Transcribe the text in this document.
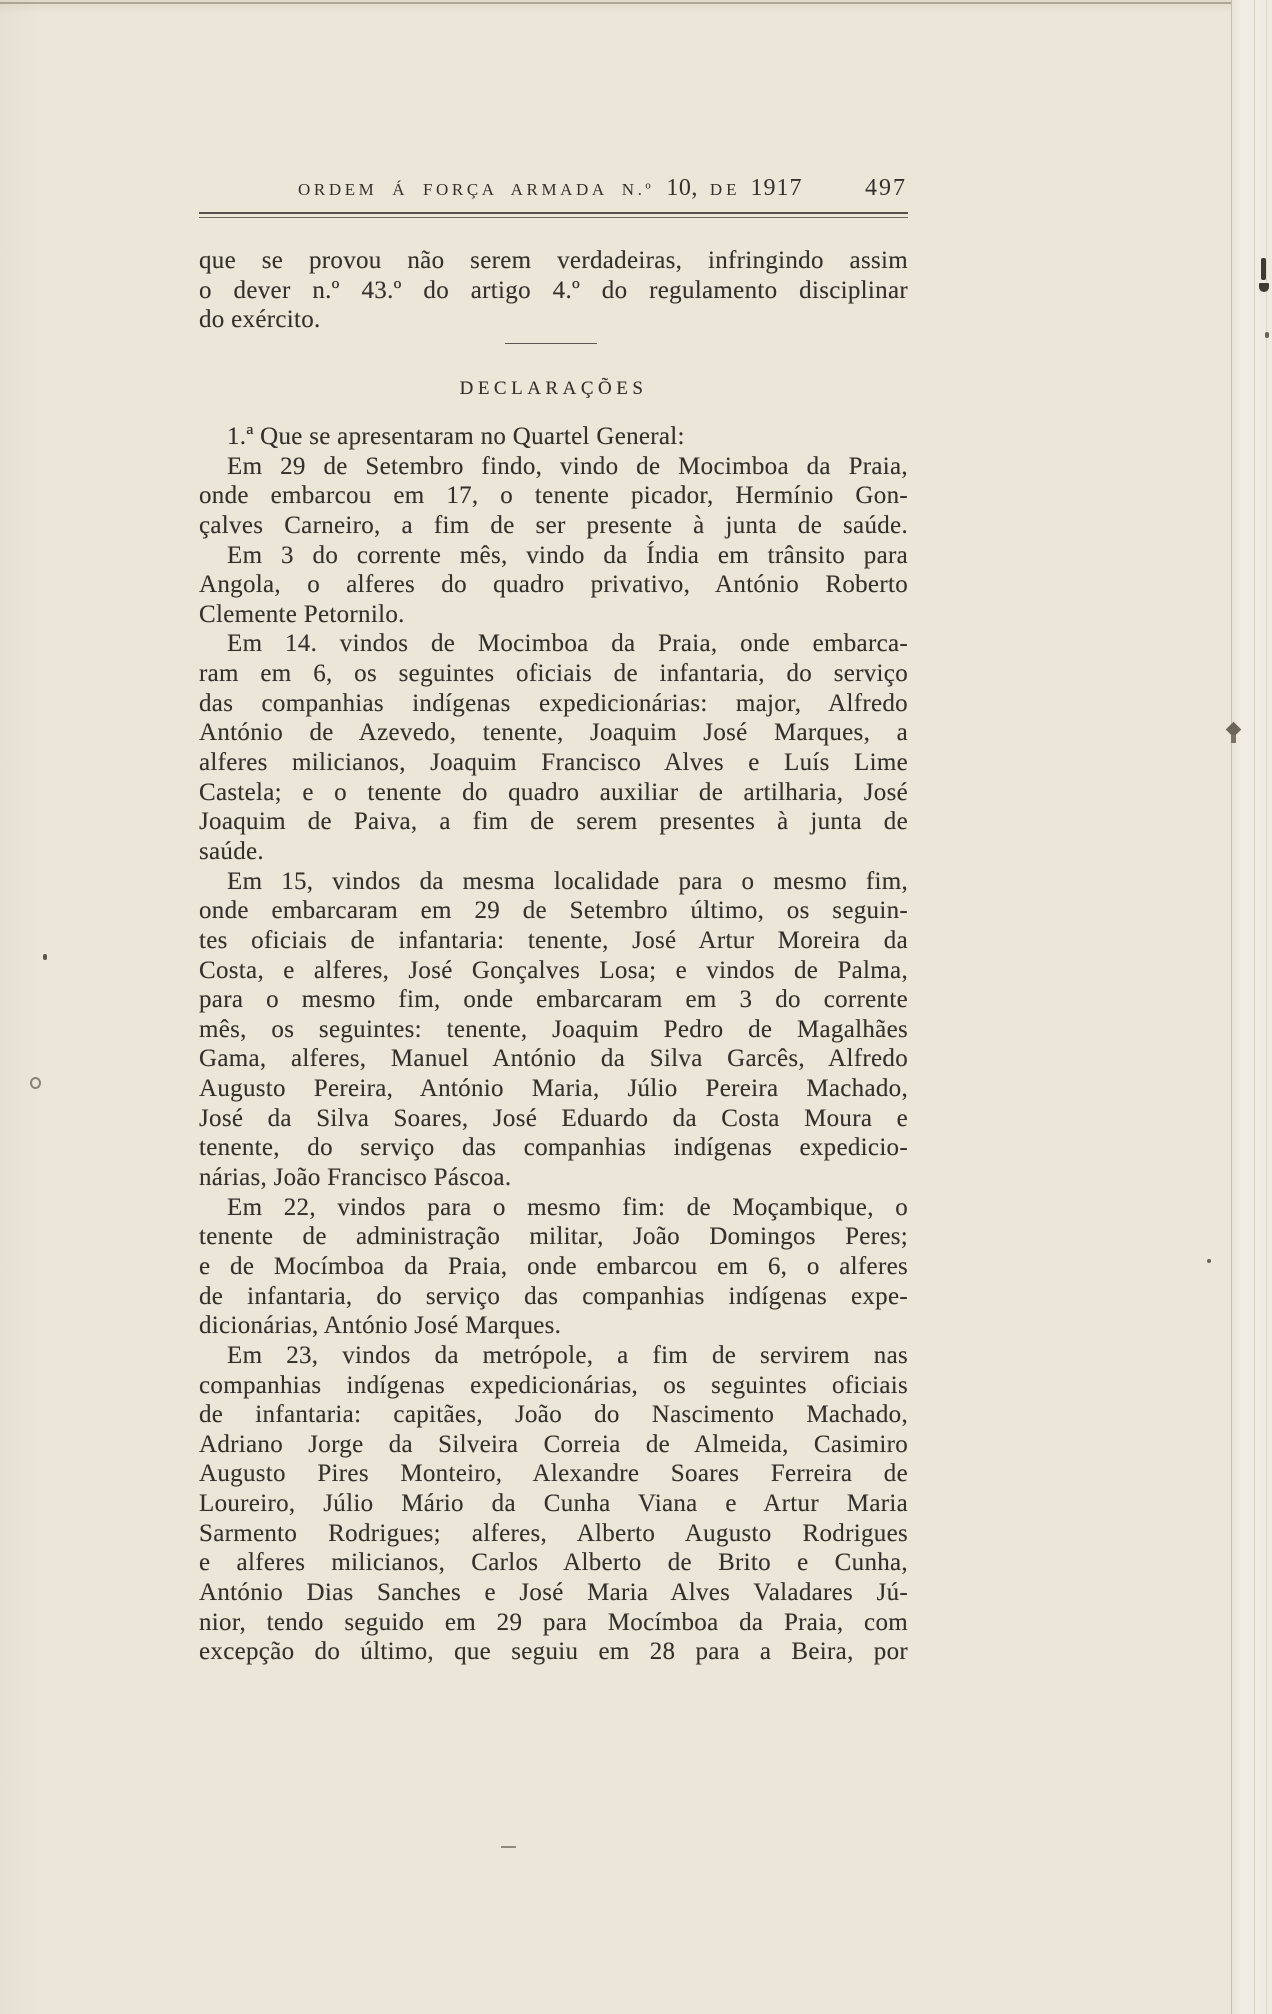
ORDEM Á FORÇA ARMADA N.º 10, DE 1917	497
que se provou não serem verdadeiras, infringindo assim
o dever n.º 43.º do artigo 4.º do regulamento disciplinar
do exército.
DECLARAÇÕES
1.ª Que se apresentaram no Quartel General:
Em 29 de Setembro findo, vindo de Mocimboa da Praia,
onde embarcou em 17, o tenente picador, Hermínio Gon-
çalves Carneiro, a fim de ser presente à junta de saúde.
Em 3 do corrente mês, vindo da Índia em trânsito para
Angola, o alferes do quadro privativo, António Roberto
Clemente Petornilo.
Em 14. vindos de Mocimboa da Praia, onde embarca-
ram em 6, os seguintes oficiais de infantaria, do serviço
das companhias indígenas expedicionárias: major, Alfredo
António de Azevedo, tenente, Joaquim José Marques, a
alferes milicianos, Joaquim Francisco Alves e Luís Lime
Castela; e o tenente do quadro auxiliar de artilharia, José
Joaquim de Paiva, a fim de serem presentes à junta de
saúde.
Em 15, vindos da mesma localidade para o mesmo fim,
onde embarcaram em 29 de Setembro último, os seguin-
tes oficiais de infantaria: tenente, José Artur Moreira da
Costa, e alferes, José Gonçalves Losa; e vindos de Palma,
para o mesmo fim, onde embarcaram em 3 do corrente
mês, os seguintes: tenente, Joaquim Pedro de Magalhães
Gama, alferes, Manuel António da Silva Garcês, Alfredo
Augusto Pereira, António Maria, Júlio Pereira Machado,
José da Silva Soares, José Eduardo da Costa Moura e
tenente, do serviço das companhias indígenas expedicio-
nárias, João Francisco Páscoa.
Em 22, vindos para o mesmo fim: de Moçambique, o
tenente de administração militar, João Domingos Peres;
e de Mocímboa da Praia, onde embarcou em 6, o alferes
de infantaria, do serviço das companhias indígenas expe-
dicionárias, António José Marques.
Em 23, vindos da metrópole, a fim de servirem nas
companhias indígenas expedicionárias, os seguintes oficiais
de infantaria: capitães, João do Nascimento Machado,
Adriano Jorge da Silveira Correia de Almeida, Casimiro
Augusto Pires Monteiro, Alexandre Soares Ferreira de
Loureiro, Júlio Mário da Cunha Viana e Artur Maria
Sarmento Rodrigues; alferes, Alberto Augusto Rodrigues
e alferes milicianos, Carlos Alberto de Brito e Cunha,
António Dias Sanches e José Maria Alves Valadares Jú-
nior, tendo seguido em 29 para Mocímboa da Praia, com
excepção do último, que seguiu em 28 para a Beira, por
